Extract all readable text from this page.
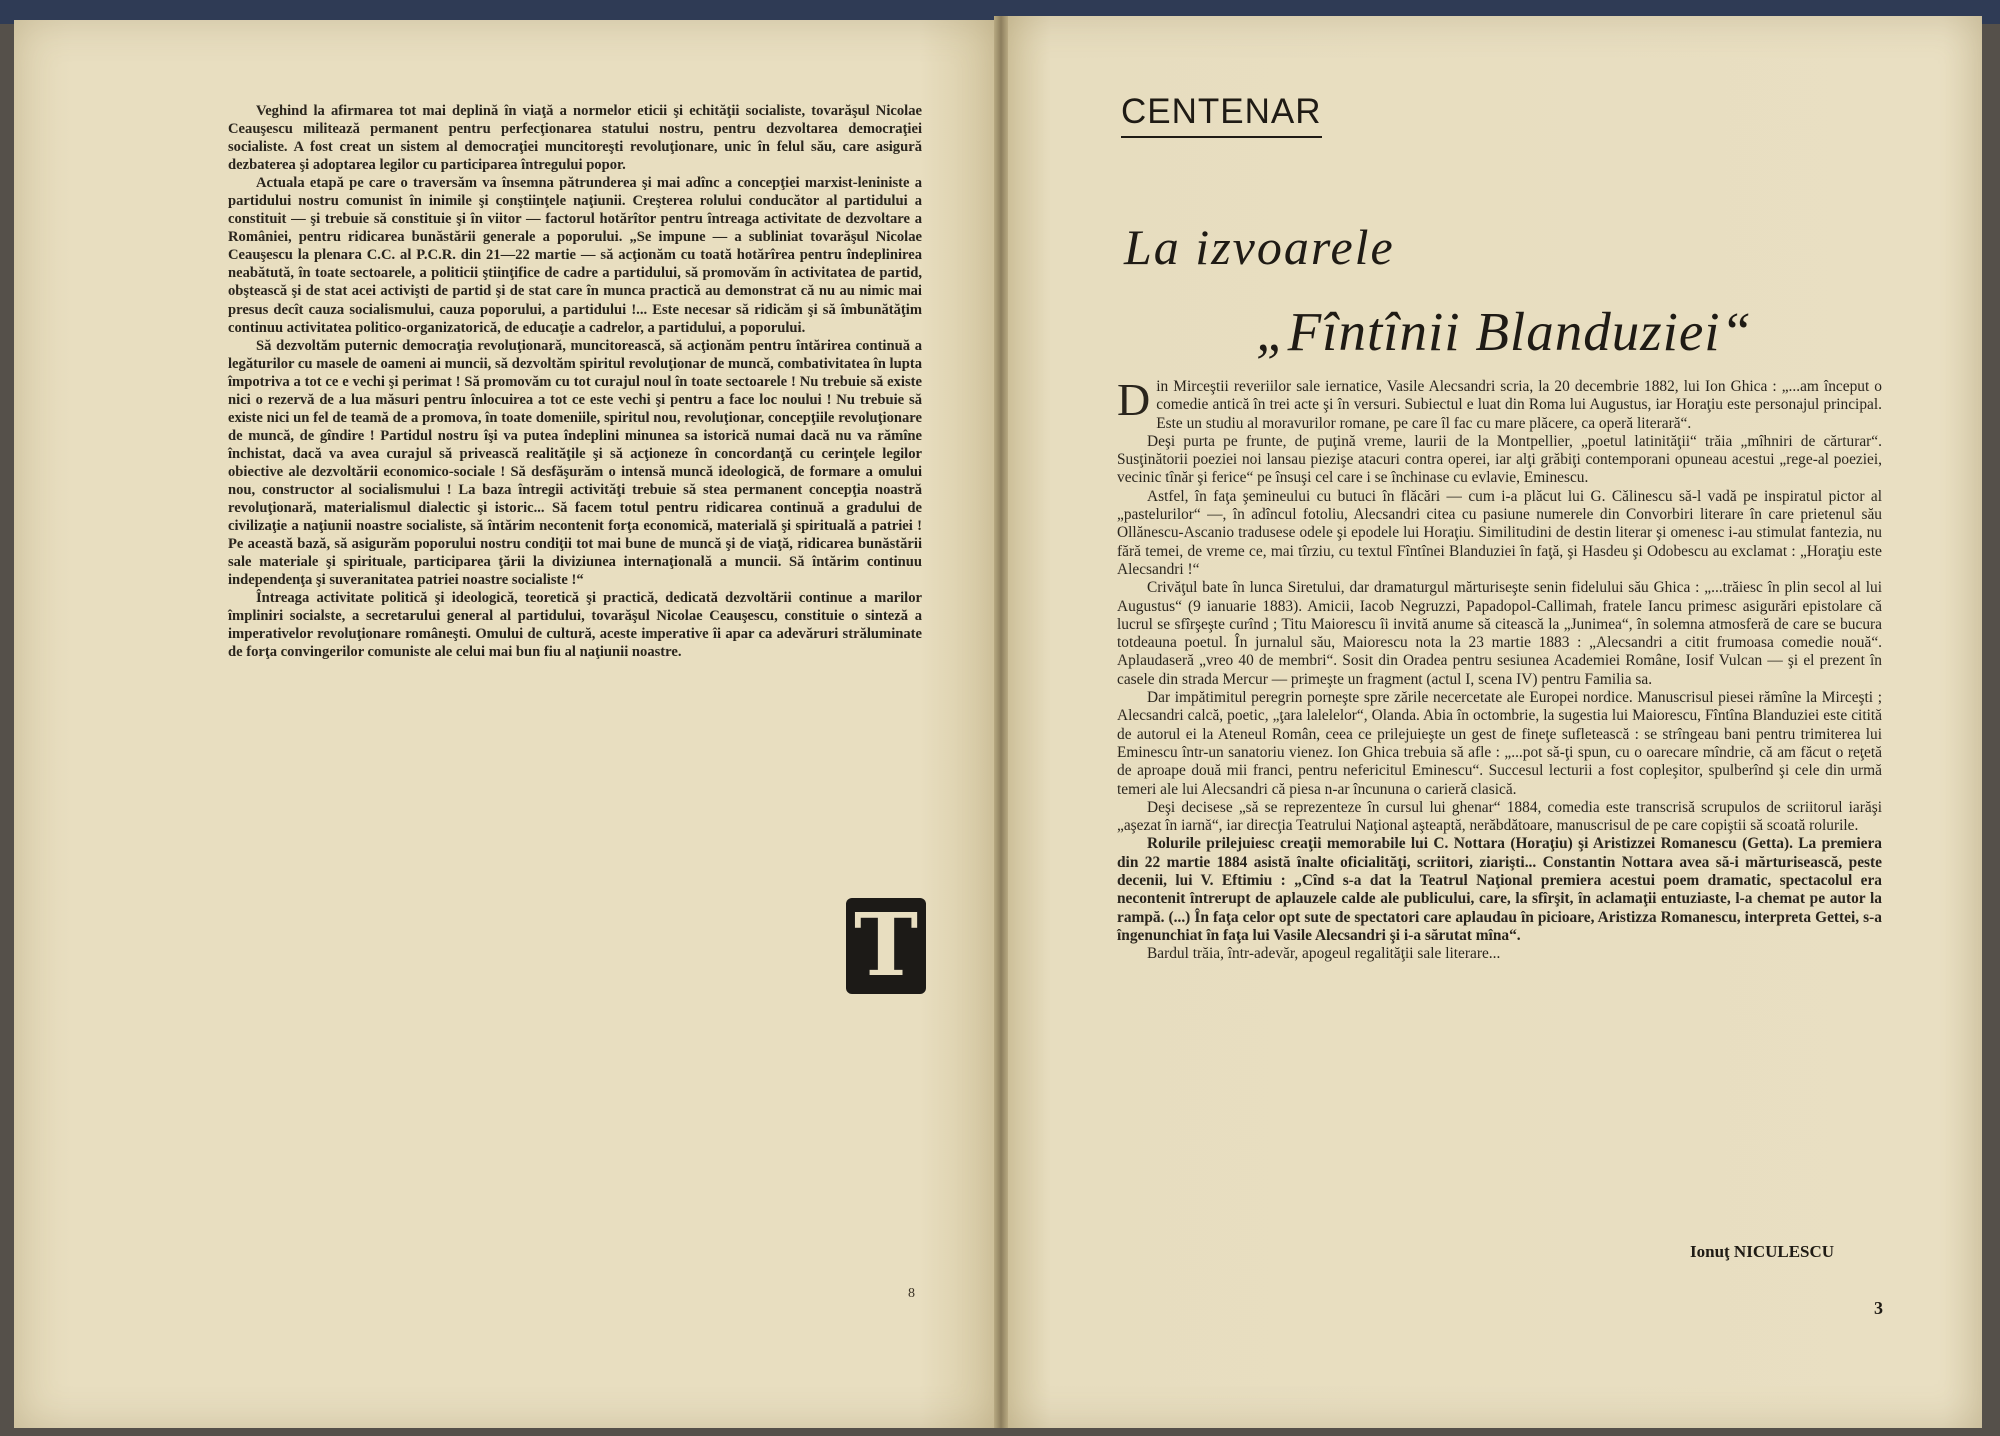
Veghind la afirmarea tot mai deplină în viaţă a normelor eticii şi echităţii socialiste, tovarăşul Nicolae Ceauşescu militează permanent pentru perfecţionarea statului nostru, pentru dezvoltarea democraţiei socialiste. A fost creat un sistem al democraţiei muncitoreşti revoluţionare, unic în felul său, care asigură dezbaterea şi adoptarea legilor cu participarea întregului popor.

Actuala etapă pe care o traversăm va însemna pătrunderea şi mai adînc a concepţiei marxist-leniniste a partidului nostru comunist în inimile şi conştiinţele naţiunii. Creşterea rolului conducător al partidului a constituit — şi trebuie să constituie şi în viitor — factorul hotărîtor pentru întreaga activitate de dezvoltare a României, pentru ridicarea bunăstării generale a poporului. „Se impune — a subliniat tovarăşul Nicolae Ceauşescu la plenara C.C. al P.C.R. din 21—22 martie — să acţionăm cu toată hotărîrea pentru îndeplinirea neabătută, în toate sectoarele, a politicii ştiinţifice de cadre a partidului, să promovăm în activitatea de partid, obştească şi de stat acei activişti de partid şi de stat care în munca practică au demonstrat că nu au nimic mai presus decît cauza socialismului, cauza poporului, a partidului !... Este necesar să ridicăm şi să îmbunătăţim continuu activitatea politico-organizatorică, de educaţie a cadrelor, a partidului, a poporului.

Să dezvoltăm puternic democraţia revoluţionară, muncitorească, să acţionăm pentru întărirea continuă a legăturilor cu masele de oameni ai muncii, să dezvoltăm spiritul revoluţionar de muncă, combativitatea în lupta împotriva a tot ce e vechi şi perimat ! Să promovăm cu tot curajul noul în toate sectoarele ! Nu trebuie să existe nici o rezervă de a lua măsuri pentru înlocuirea a tot ce este vechi şi pentru a face loc noului ! Nu trebuie să existe nici un fel de teamă de a promova, în toate domeniile, spiritul nou, revoluţionar, concepţiile revoluţionare de muncă, de gîndire ! Partidul nostru îşi va putea îndeplini minunea sa istorică numai dacă nu va rămîne închistat, dacă va avea curajul să privească realităţile şi să acţioneze în concordanţă cu cerinţele legilor obiective ale dezvoltării economico-sociale ! Să desfăşurăm o intensă muncă ideologică, de formare a omului nou, constructor al socialismului ! La baza întregii activităţi trebuie să stea permanent concepţia noastră revoluţionară, materialismul dialectic şi istoric... Să facem totul pentru ridicarea continuă a gradului de civilizaţie a naţiunii noastre socialiste, să întărim necontenit forţa economică, materială şi spirituală a patriei ! Pe această bază, să asigurăm poporului nostru condiţii tot mai bune de muncă şi de viaţă, ridicarea bunăstării sale materiale şi spirituale, participarea ţării la diviziunea internaţională a muncii. Să întărim continuu independenţa şi suveranitatea patriei noastre socialiste !“

Întreaga activitate politică şi ideologică, teoretică şi practică, dedicată dezvoltării continue a marilor împliniri socialste, a secretarului general al partidului, tovarăşul Nicolae Ceauşescu, constituie o sinteză a imperativelor revoluţionare româneşti. Omului de cultură, aceste imperative îi apar ca adevăruri străluminate de forţa convingerilor comuniste ale celui mai bun fiu al naţiunii noastre.

T
8
CENTENAR
La izvoarele
„Fîntînii Blanduziei“

Din Mirceştii reveriilor sale iernatice, Vasile Alecsandri scria, la 20 decembrie 1882, lui Ion Ghica : „...am început o comedie antică în trei acte şi în versuri. Subiectul e luat din Roma lui Augustus, iar Horaţiu este personajul principal. Este un studiu al moravurilor romane, pe care îl fac cu mare plăcere, ca operă literară“.

Deşi purta pe frunte, de puţină vreme, laurii de la Montpellier, „poetul latinităţii“ trăia „mîhniri de cărturar“. Susţinătorii poeziei noi lansau piezişe atacuri contra operei, iar alţi grăbiţi contemporani opuneau acestui „rege-al poeziei, vecinic tînăr şi ferice“ pe însuşi cel care i se închinase cu evlavie, Eminescu.

Astfel, în faţa şemineului cu butuci în flăcări — cum i-a plăcut lui G. Călinescu să-l vadă pe inspiratul pictor al „pastelurilor“ —, în adîncul fotoliu, Alecsandri citea cu pasiune numerele din Convorbiri literare în care prietenul său Ollănescu-Ascanio tradusese odele şi epodele lui Horaţiu. Similitudini de destin literar şi omenesc i-au stimulat fantezia, nu fără temei, de vreme ce, mai tîrziu, cu textul Fîntînei Blanduziei în faţă, şi Hasdeu şi Odobescu au exclamat : „Horaţiu este Alecsandri !“

Crivăţul bate în lunca Siretului, dar dramaturgul mărturiseşte senin fidelului său Ghica : „...trăiesc în plin secol al lui Augustus“ (9 ianuarie 1883). Amicii, Iacob Negruzzi, Papadopol-Callimah, fratele Iancu primesc asigurări epistolare că lucrul se sfîrşeşte curînd ; Titu Maiorescu îi invită anume să citească la „Junimea“, în solemna atmosferă de care se bucura totdeauna poetul. În jurnalul său, Maiorescu nota la 23 martie 1883 : „Alecsandri a citit frumoasa comedie nouă“. Aplaudaseră „vreo 40 de membri“. Sosit din Oradea pentru sesiunea Academiei Române, Iosif Vulcan — şi el prezent în casele din strada Mercur — primeşte un fragment (actul I, scena IV) pentru Familia sa.

Dar impătimitul peregrin porneşte spre zările necercetate ale Europei nordice. Manuscrisul piesei rămîne la Mirceşti ; Alecsandri calcă, poetic, „ţara lalelelor“, Olanda. Abia în octombrie, la sugestia lui Maiorescu, Fîntîna Blanduziei este citită de autorul ei la Ateneul Român, ceea ce prilejuieşte un gest de fineţe sufletească : se strîngeau bani pentru trimiterea lui Eminescu într-un sanatoriu vienez. Ion Ghica trebuia să afle : „...pot să-ţi spun, cu o oarecare mîndrie, că am făcut o reţetă de aproape două mii franci, pentru nefericitul Eminescu“. Succesul lecturii a fost copleşitor, spulberînd şi cele din urmă temeri ale lui Alecsandri că piesa n-ar încununa o carieră clasică.

Deşi decisese „să se reprezenteze în cursul lui ghenar“ 1884, comedia este transcrisă scrupulos de scriitorul iarăşi „aşezat în iarnă“, iar direcţia Teatrului Naţional aşteaptă, nerăbdătoare, manuscrisul de pe care copiştii să scoată rolurile.

Rolurile prilejuiesc creaţii memorabile lui C. Nottara (Horaţiu) şi Aristizzei Romanescu (Getta). La premiera din 22 martie 1884 asistă înalte oficialităţi, scriitori, ziarişti... Constantin Nottara avea să-i mărturisească, peste decenii, lui V. Eftimiu : „Cînd s-a dat la Teatrul Naţional premiera acestui poem dramatic, spectacolul era necontenit întrerupt de aplauzele calde ale publicului, care, la sfîrşit, în aclamaţii entuziaste, l-a chemat pe autor la rampă. (...) În faţa celor opt sute de spectatori care aplaudau în picioare, Aristizza Romanescu, interpreta Gettei, s-a îngenunchiat în faţa lui Vasile Alecsandri şi i-a sărutat mîna“.

Bardul trăia, într-adevăr, apogeul regalităţii sale literare...

Ionuţ NICULESCU
3
